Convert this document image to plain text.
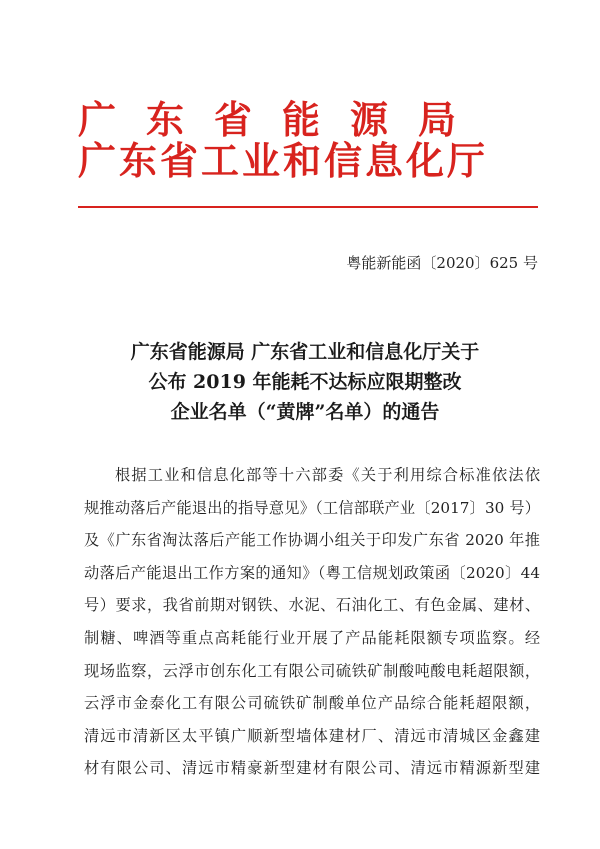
广东省能源局
广东省工业和信息化厅
粤能新能函〔2020〕625 号
广东省能源局 广东省工业和信息化厅关于
公布 2019 年能耗不达标应限期整改
企业名单（“黄牌”名单）的通告
根据工业和信息化部等十六部委《关于利用综合标准依法依
规推动落后产能退出的指导意见》（工信部联产业〔2017〕30 号）
及《广东省淘汰落后产能工作协调小组关于印发广东省 2020 年推
动落后产能退出工作方案的通知》（粤工信规划政策函〔2020〕44
号）要求，我省前期对钢铁、水泥、石油化工、有色金属、建材、
制糖、啤酒等重点高耗能行业开展了产品能耗限额专项监察。经
现场监察，云浮市创东化工有限公司硫铁矿制酸吨酸电耗超限额，
云浮市金泰化工有限公司硫铁矿制酸单位产品综合能耗超限额，
清远市清新区太平镇广顺新型墙体建材厂、清远市清城区金鑫建
材有限公司、清远市精豪新型建材有限公司、清远市精源新型建
